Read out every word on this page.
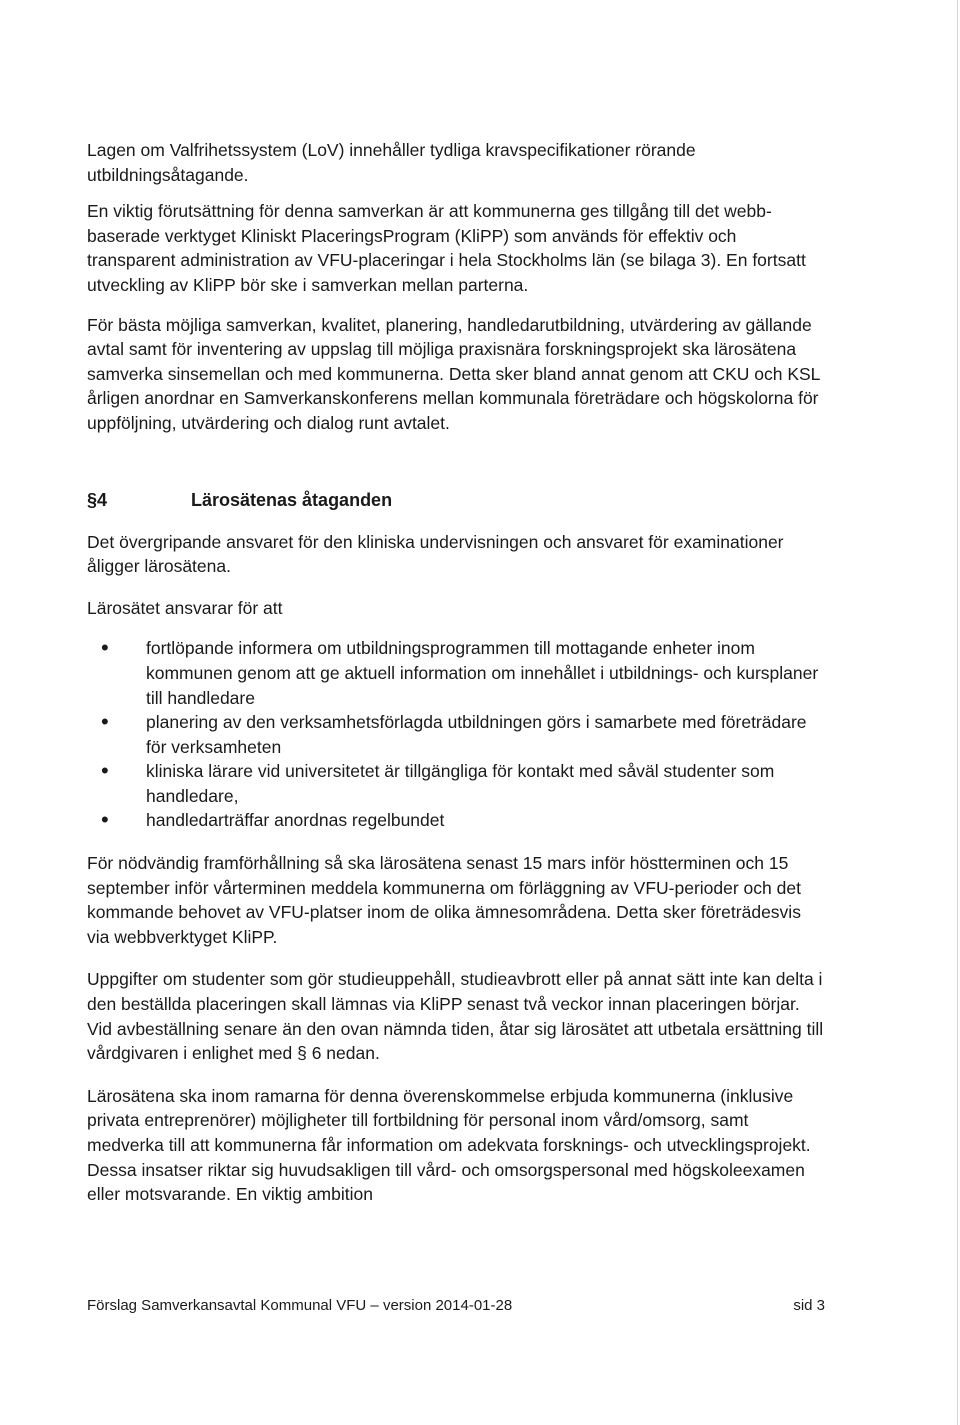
Lagen om Valfrihetssystem (LoV) innehåller tydliga kravspecifikationer rörande utbildningsåtagande.

En viktig förutsättning för denna samverkan är att kommunerna ges tillgång till det webb-baserade verktyget Kliniskt PlaceringsProgram (KliPP) som används för effektiv och transparent administration av VFU-placeringar i hela Stockholms län (se bilaga 3). En fortsatt utveckling av KliPP bör ske i samverkan mellan parterna.

För bästa möjliga samverkan, kvalitet, planering, handledarutbildning, utvärdering av gällande avtal samt för inventering av uppslag till möjliga praxisnära forskningsprojekt ska lärosätena samverka sinsemellan och med kommunerna. Detta sker bland annat genom att CKU och KSL årligen anordnar en Samverkanskonferens mellan kommunala företrädare och högskolorna för uppföljning, utvärdering och dialog runt avtalet.

§4	Lärosätenas åtaganden

Det övergripande ansvaret för den kliniska undervisningen och ansvaret för examinationer åligger lärosätena.

Lärosätet ansvarar för att

• fortlöpande informera om utbildningsprogrammen till mottagande enheter inom kommunen genom att ge aktuell information om innehållet i utbildnings- och kursplaner till handledare
• planering av den verksamhetsförlagda utbildningen görs i samarbete med företrädare för verksamheten
• kliniska lärare vid universitetet är tillgängliga för kontakt med såväl studenter som handledare,
• handledarträffar anordnas regelbundet

För nödvändig framförhållning så ska lärosätena senast 15 mars inför höstterminen och 15 september inför vårterminen meddela kommunerna om förläggning av VFU-perioder och det kommande behovet av VFU-platser inom de olika ämnesområdena. Detta sker företrädesvis via webbverktyget KliPP.

Uppgifter om studenter som gör studieuppehåll, studieavbrott eller på annat sätt inte kan delta i den beställda placeringen skall lämnas via KliPP senast två veckor innan placeringen börjar. Vid avbeställning senare än den ovan nämnda tiden, åtar sig lärosätet att utbetala ersättning till vårdgivaren i enlighet med § 6 nedan.

Lärosätena ska inom ramarna för denna överenskommelse erbjuda kommunerna (inklusive privata entreprenörer) möjligheter till fortbildning för personal inom vård/omsorg, samt medverka till att kommunerna får information om adekvata forsknings- och utvecklingsprojekt. Dessa insatser riktar sig huvudsakligen till vård- och omsorgspersonal med högskoleexamen eller motsvarande. En viktig ambition

Förslag Samverkansavtal Kommunal VFU – version 2014-01-28	sid 3
